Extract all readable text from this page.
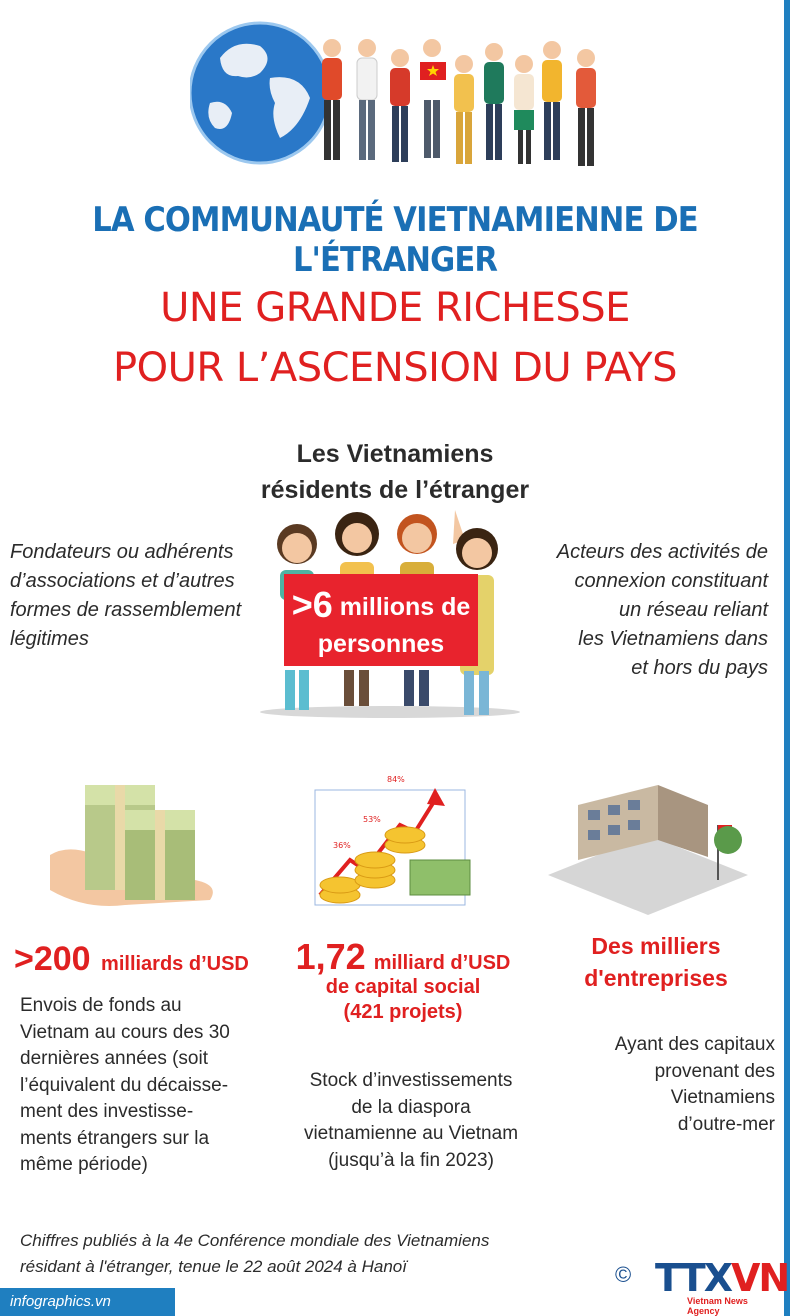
LA COMMUNAUTÉ VIETNAMIENNE DE L'ÉTRANGER
UNE GRANDE RICHESSE
POUR L’ASCENSION DU PAYS
Les Vietnamiens
résidents de l’étranger
Fondateurs ou adhérents
d’associations et d’autres
formes de rassemblement
légitimes
Acteurs des activités de
connexion constituant
un réseau reliant
les Vietnamiens dans
et hors du pays
>6 millions de
personnes
36%
53%
84%
>200 milliards d’USD
Envois de fonds au
Vietnam au cours des 30
dernières années (soit
l’équivalent du décaisse-
ment des investisse-
ments étrangers sur la
même période)
1,72 milliard d’USD
de capital social
(421 projets)
Stock d’investissements
de la diaspora
vietnamienne au Vietnam
(jusqu’à la fin 2023)
Des milliers
d'entreprises
Ayant des capitaux
provenant des
Vietnamiens
d’outre-mer
Chiffres publiés à la 4e Conférence mondiale des Vietnamiens
résidant à l'étranger, tenue le 22 août 2024 à Hanoï
infographics.vn
© TTXVN
Vietnam News Agency
